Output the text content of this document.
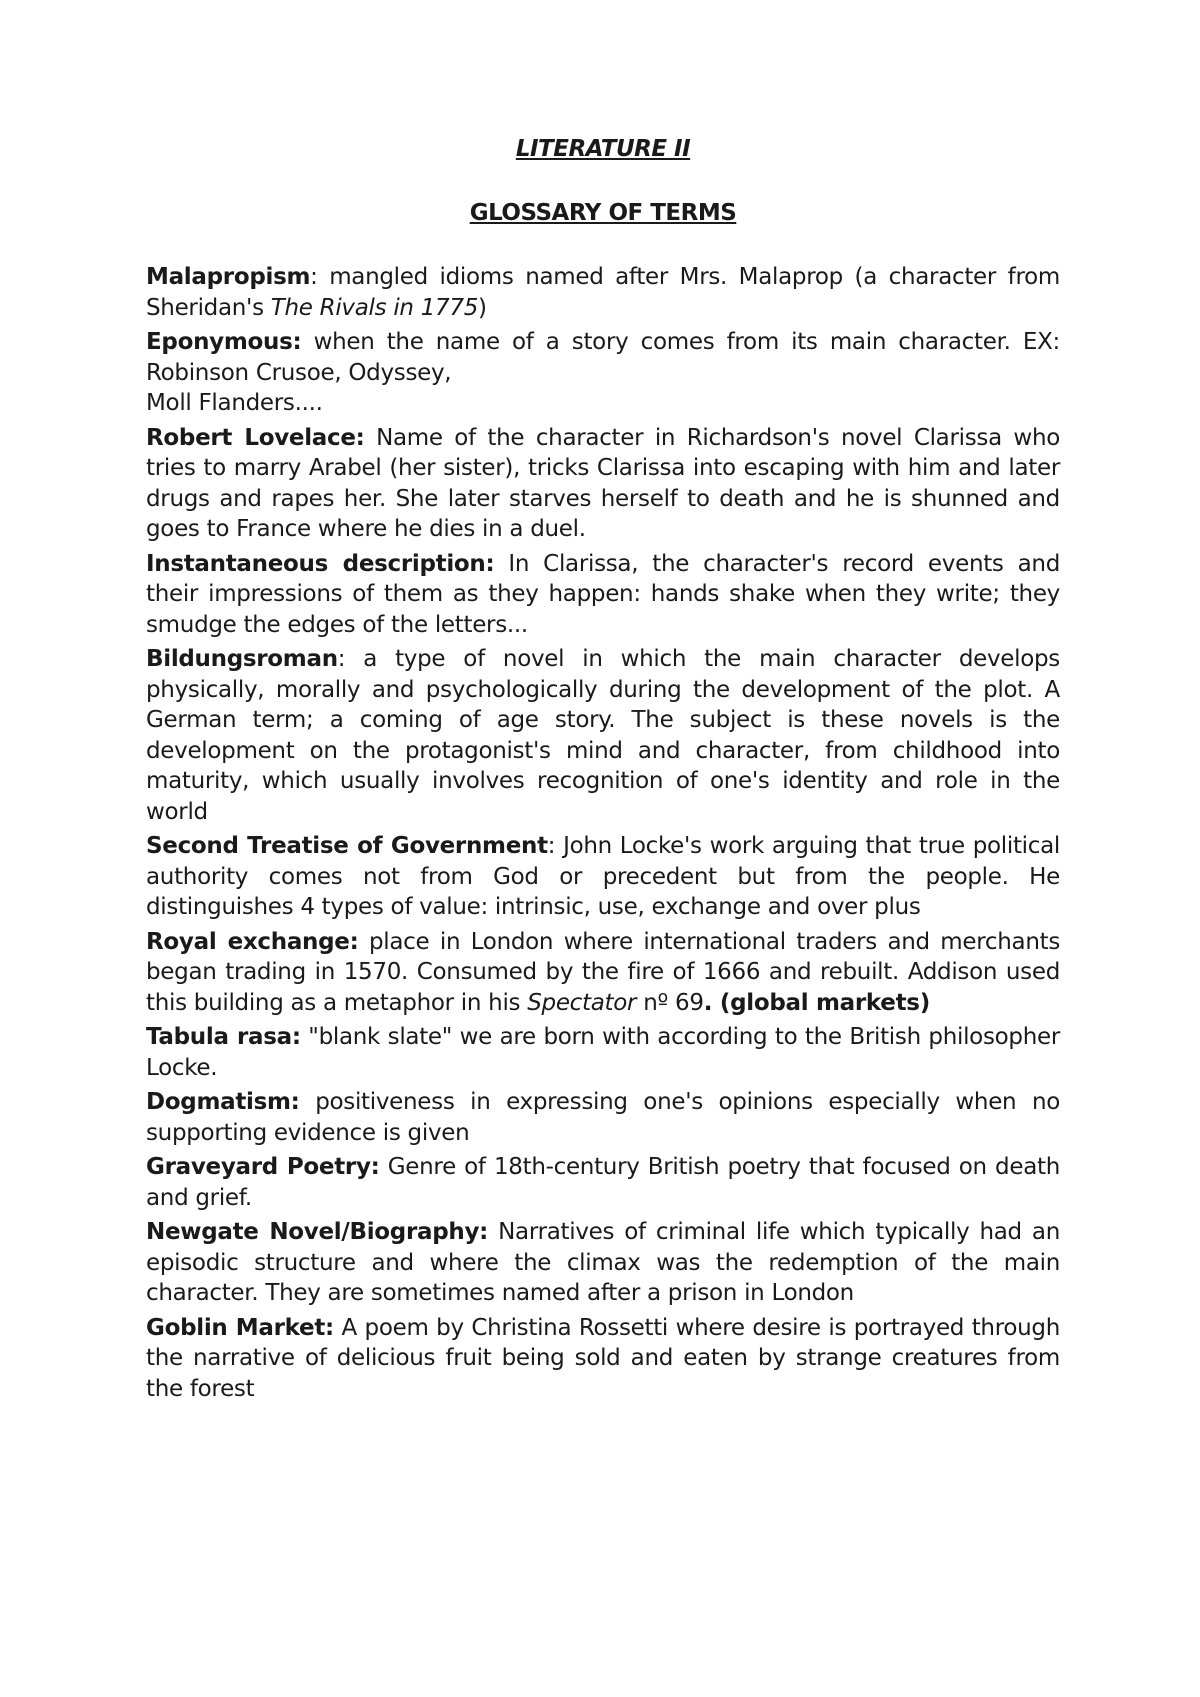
LITERATURE II

GLOSSARY OF TERMS

Malapropism: mangled idioms named after Mrs. Malaprop (a character from Sheridan's The Rivals in 1775)

Eponymous: when the name of a story comes from its main character. EX: Robinson Crusoe, Odyssey,

Moll Flanders....

Robert Lovelace: Name of the character in Richardson's novel Clarissa who tries to marry Arabel (her sister), tricks Clarissa into escaping with him and later drugs and rapes her. She later starves herself to death and he is shunned and goes to France where he dies in a duel.

Instantaneous description: In Clarissa, the character's record events and their impressions of them as they happen: hands shake when they write; they smudge the edges of the letters...

Bildungsroman: a type of novel in which the main character develops physically, morally and psychologically during the development of the plot. A German term; a coming of age story. The subject is these novels is the development on the protagonist's mind and character, from childhood into maturity, which usually involves recognition of one's identity and role in the world

Second Treatise of Government: John Locke's work arguing that true political authority comes not from God or precedent but from the people. He distinguishes 4 types of value: intrinsic, use, exchange and over plus

Royal exchange: place in London where international traders and merchants began trading in 1570. Consumed by the fire of 1666 and rebuilt. Addison used this building as a metaphor in his Spectator nº 69. (global markets)

Tabula rasa: "blank slate" we are born with according to the British philosopher Locke.

Dogmatism: positiveness in expressing one's opinions especially when no supporting evidence is given

Graveyard Poetry: Genre of 18th-century British poetry that focused on death and grief.

Newgate Novel/Biography: Narratives of criminal life which typically had an episodic structure and where the climax was the redemption of the main character. They are sometimes named after a prison in London

Goblin Market: A poem by Christina Rossetti where desire is portrayed through the narrative of delicious fruit being sold and eaten by strange creatures from the forest
